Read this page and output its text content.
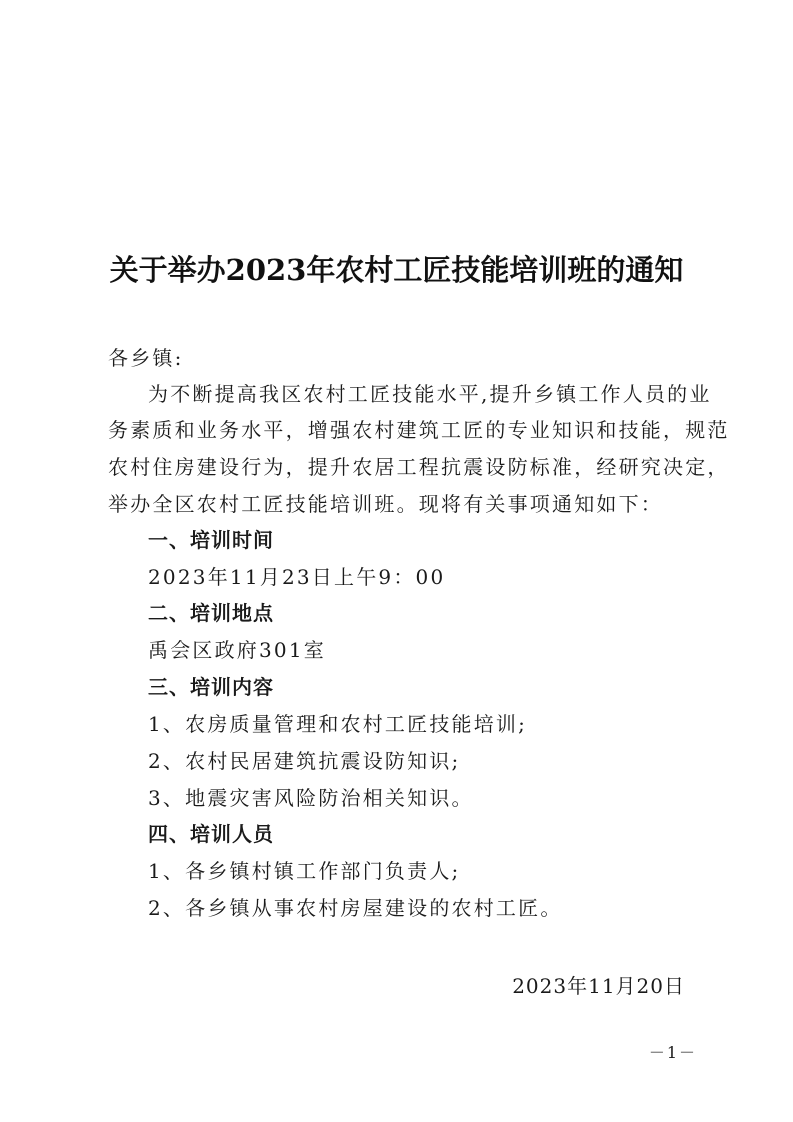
关于举办2023年农村工匠技能培训班的通知
各乡镇:
为不断提高我区农村工匠技能水平,提升乡镇工作人员的业
务素质和业务水平，增强农村建筑工匠的专业知识和技能，规范
农村住房建设行为，提升农居工程抗震设防标准，经研究决定，
举办全区农村工匠技能培训班。现将有关事项通知如下：
一、培训时间
2023年11月23日上午9：00
二、培训地点
禹会区政府301室
三、培训内容
1、农房质量管理和农村工匠技能培训;
2、农村民居建筑抗震设防知识;
3、地震灾害风险防治相关知识。
四、培训人员
1、各乡镇村镇工作部门负责人;
2、各乡镇从事农村房屋建设的农村工匠。
2023年11月20日
－1－
